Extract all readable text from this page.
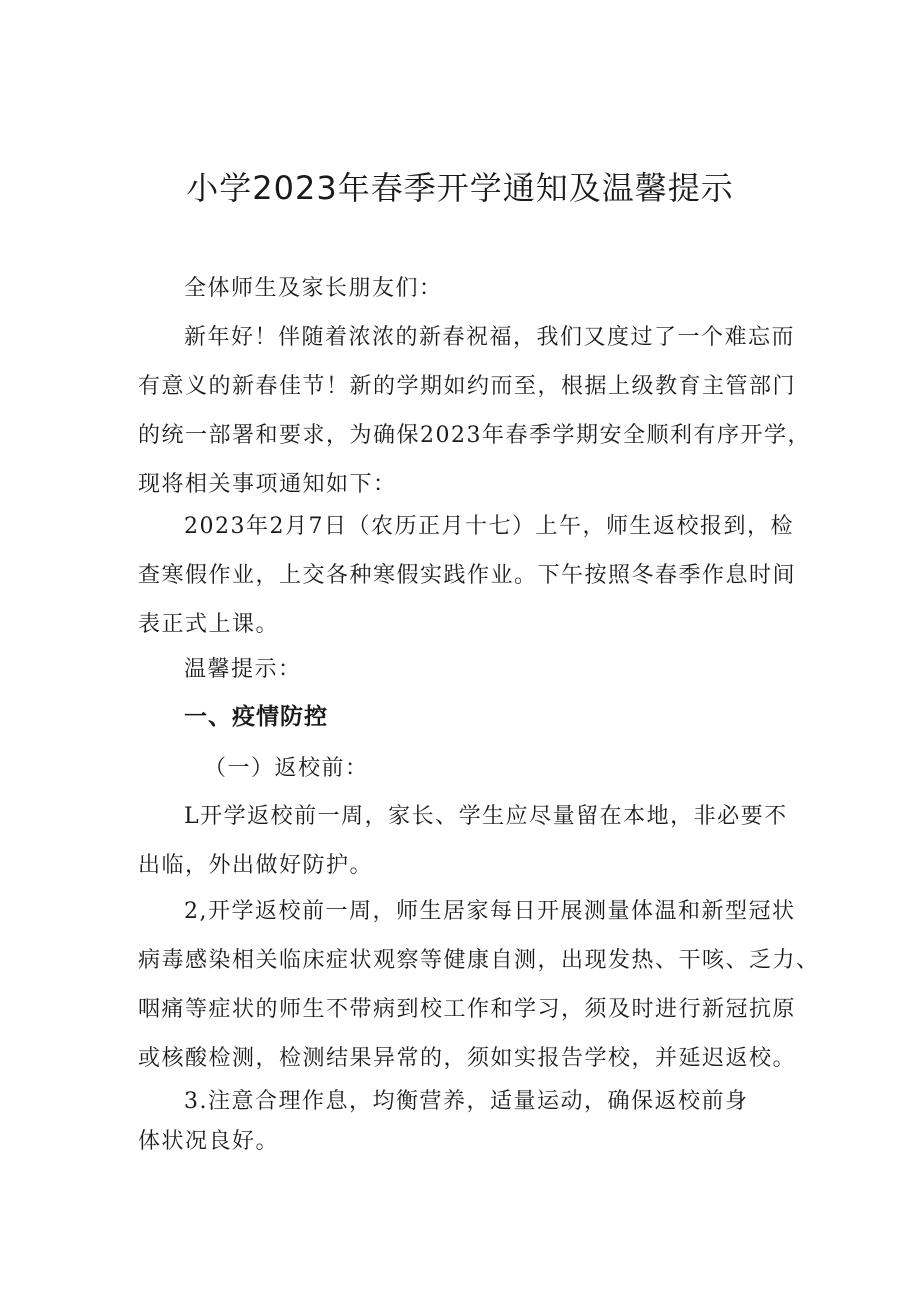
小学2023年春季开学通知及温馨提示

全体师生及家长朋友们：

新年好！伴随着浓浓的新春祝福，我们又度过了一个难忘而
有意义的新春佳节！新的学期如约而至，根据上级教育主管部门
的统一部署和要求，为确保2023年春季学期安全顺利有序开学，
现将相关事项通知如下：

2023年2月7日（农历正月十七）上午，师生返校报到，检
查寒假作业，上交各种寒假实践作业。下午按照冬春季作息时间
表正式上课。

温馨提示：

一、疫情防控

（一）返校前：

L开学返校前一周，家长、学生应尽量留在本地，非必要不
出临，外出做好防护。

2,开学返校前一周，师生居家每日开展测量体温和新型冠状
病毒感染相关临床症状观察等健康自测，出现发热、干咳、乏力、
咽痛等症状的师生不带病到校工作和学习，须及时进行新冠抗原
或核酸检测，检测结果异常的，须如实报告学校，并延迟返校。

3.注意合理作息，均衡营养，适量运动，确保返校前身
体状况良好。
